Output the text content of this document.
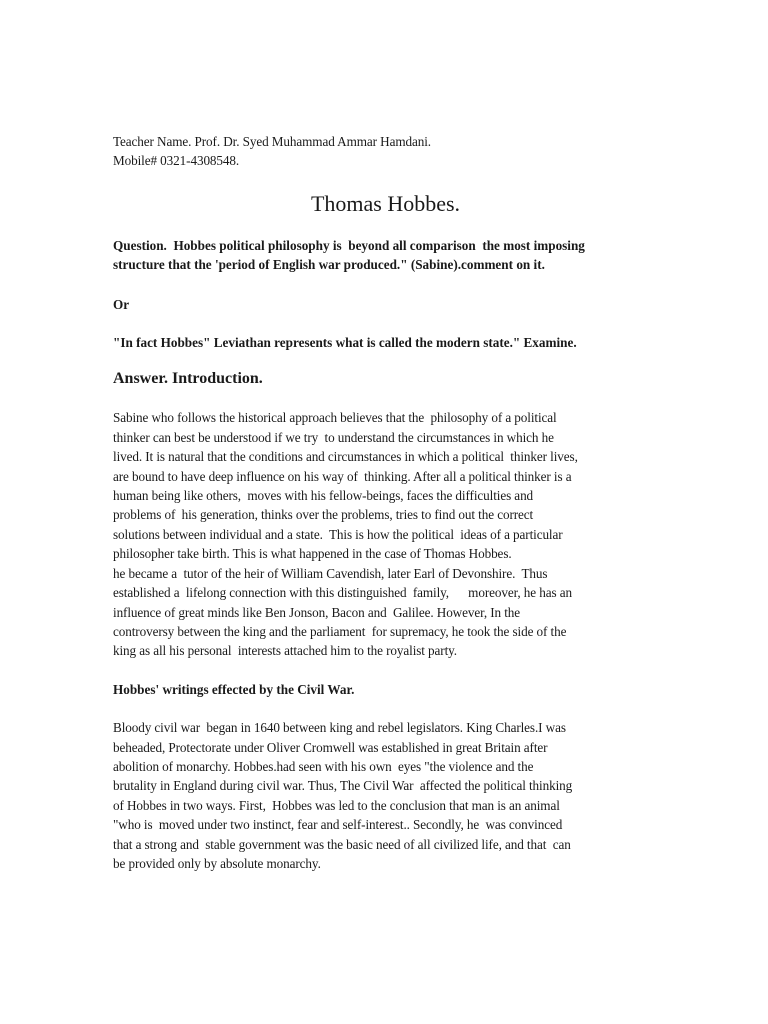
Teacher Name. Prof. Dr. Syed Muhammad Ammar Hamdani.
Mobile# 0321-4308548.
Thomas Hobbes.
Question.  Hobbes political philosophy is  beyond all comparison  the most imposing
structure that the 'period of English war produced." (Sabine).comment on it.
Or
"In fact Hobbes" Leviathan represents what is called the modern state." Examine.
Answer. Introduction.
Sabine who follows the historical approach believes that the  philosophy of a political
thinker can best be understood if we try  to understand the circumstances in which he
lived. It is natural that the conditions and circumstances in which a political  thinker lives,
are bound to have deep influence on his way of  thinking. After all a political thinker is a
human being like others,  moves with his fellow-beings, faces the difficulties and
problems of  his generation, thinks over the problems, tries to find out the correct
solutions between individual and a state.  This is how the political  ideas of a particular
philosopher take birth. This is what happened in the case of Thomas Hobbes.
he became a  tutor of the heir of William Cavendish, later Earl of Devonshire.  Thus
established a  lifelong connection with this distinguished  family,      moreover, he has an
influence of great minds like Ben Jonson, Bacon and  Galilee. However, In the
controversy between the king and the parliament  for supremacy, he took the side of the
king as all his personal  interests attached him to the royalist party.
Hobbes' writings effected by the Civil War.
Bloody civil war  began in 1640 between king and rebel legislators. King Charles.I was
beheaded, Protectorate under Oliver Cromwell was established in great Britain after
abolition of monarchy. Hobbes.had seen with his own  eyes "the violence and the
brutality in England during civil war. Thus, The Civil War  affected the political thinking
of Hobbes in two ways. First,  Hobbes was led to the conclusion that man is an animal
"who is  moved under two instinct, fear and self-interest.. Secondly, he  was convinced
that a strong and  stable government was the basic need of all civilized life, and that  can
be provided only by absolute monarchy.
